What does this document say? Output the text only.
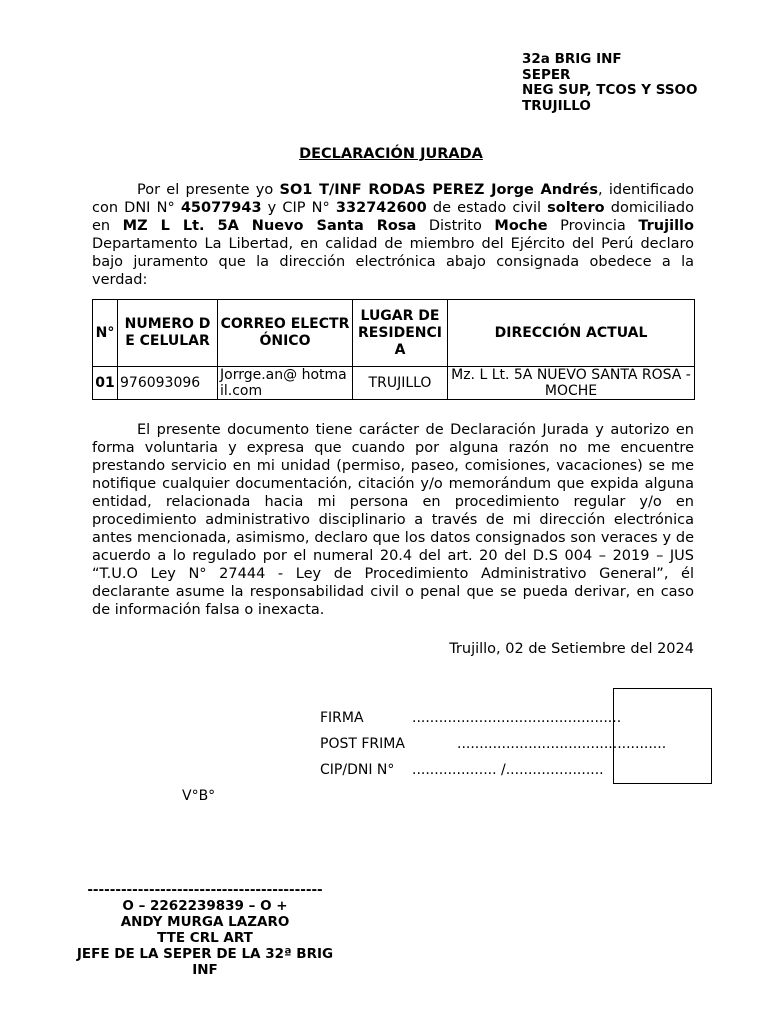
32a BRIG INF
SEPER
NEG SUP, TCOS Y SSOO
TRUJILLO
DECLARACIÓN JURADA
Por el presente yo SO1 T/INF RODAS PEREZ Jorge Andrés, identificado con DNI N° 45077943 y CIP N° 332742600 de estado civil soltero domiciliado en MZ L Lt. 5A Nuevo Santa Rosa Distrito Moche Provincia Trujillo Departamento La Libertad, en calidad de miembro del Ejército del Perú declaro bajo juramento que la dirección electrónica abajo consignada obedece a la verdad:
N°	NUMERO DE CELULAR	CORREO ELECTRÓNICO	LUGAR DE RESIDENCIA	DIRECCIÓN ACTUAL
01	976093096	Jorrge.an@ hotmail.com	TRUJILLO	Mz. L Lt. 5A NUEVO SANTA ROSA - MOCHE
El presente documento tiene carácter de Declaración Jurada y autorizo en forma voluntaria y expresa que cuando por alguna razón no me encuentre prestando servicio en mi unidad (permiso, paseo, comisiones, vacaciones) se me notifique cualquier documentación, citación y/o memorándum que expida alguna entidad, relacionada hacia mi persona en procedimiento regular y/o en procedimiento administrativo disciplinario a través de mi dirección electrónica antes mencionada, asimismo, declaro que los datos consignados son veraces y de acuerdo a lo regulado por el numeral 20.4 del art. 20 del D.S 004 – 2019 – JUS “T.U.O Ley N° 27444 - Ley de Procedimiento Administrativo General”, él declarante asume la responsabilidad civil o penal que se pueda derivar, en caso de información falsa o inexacta.
Trujillo, 02 de Setiembre del 2024
FIRMA	...............................................
POST FRIMA	...............................................
CIP/DNI N° ................... /......................
V°B°
------------------------------------------
O – 2262239839 – O +
ANDY MURGA LAZARO
TTE CRL ART
JEFE DE LA SEPER DE LA 32ª BRIG INF
